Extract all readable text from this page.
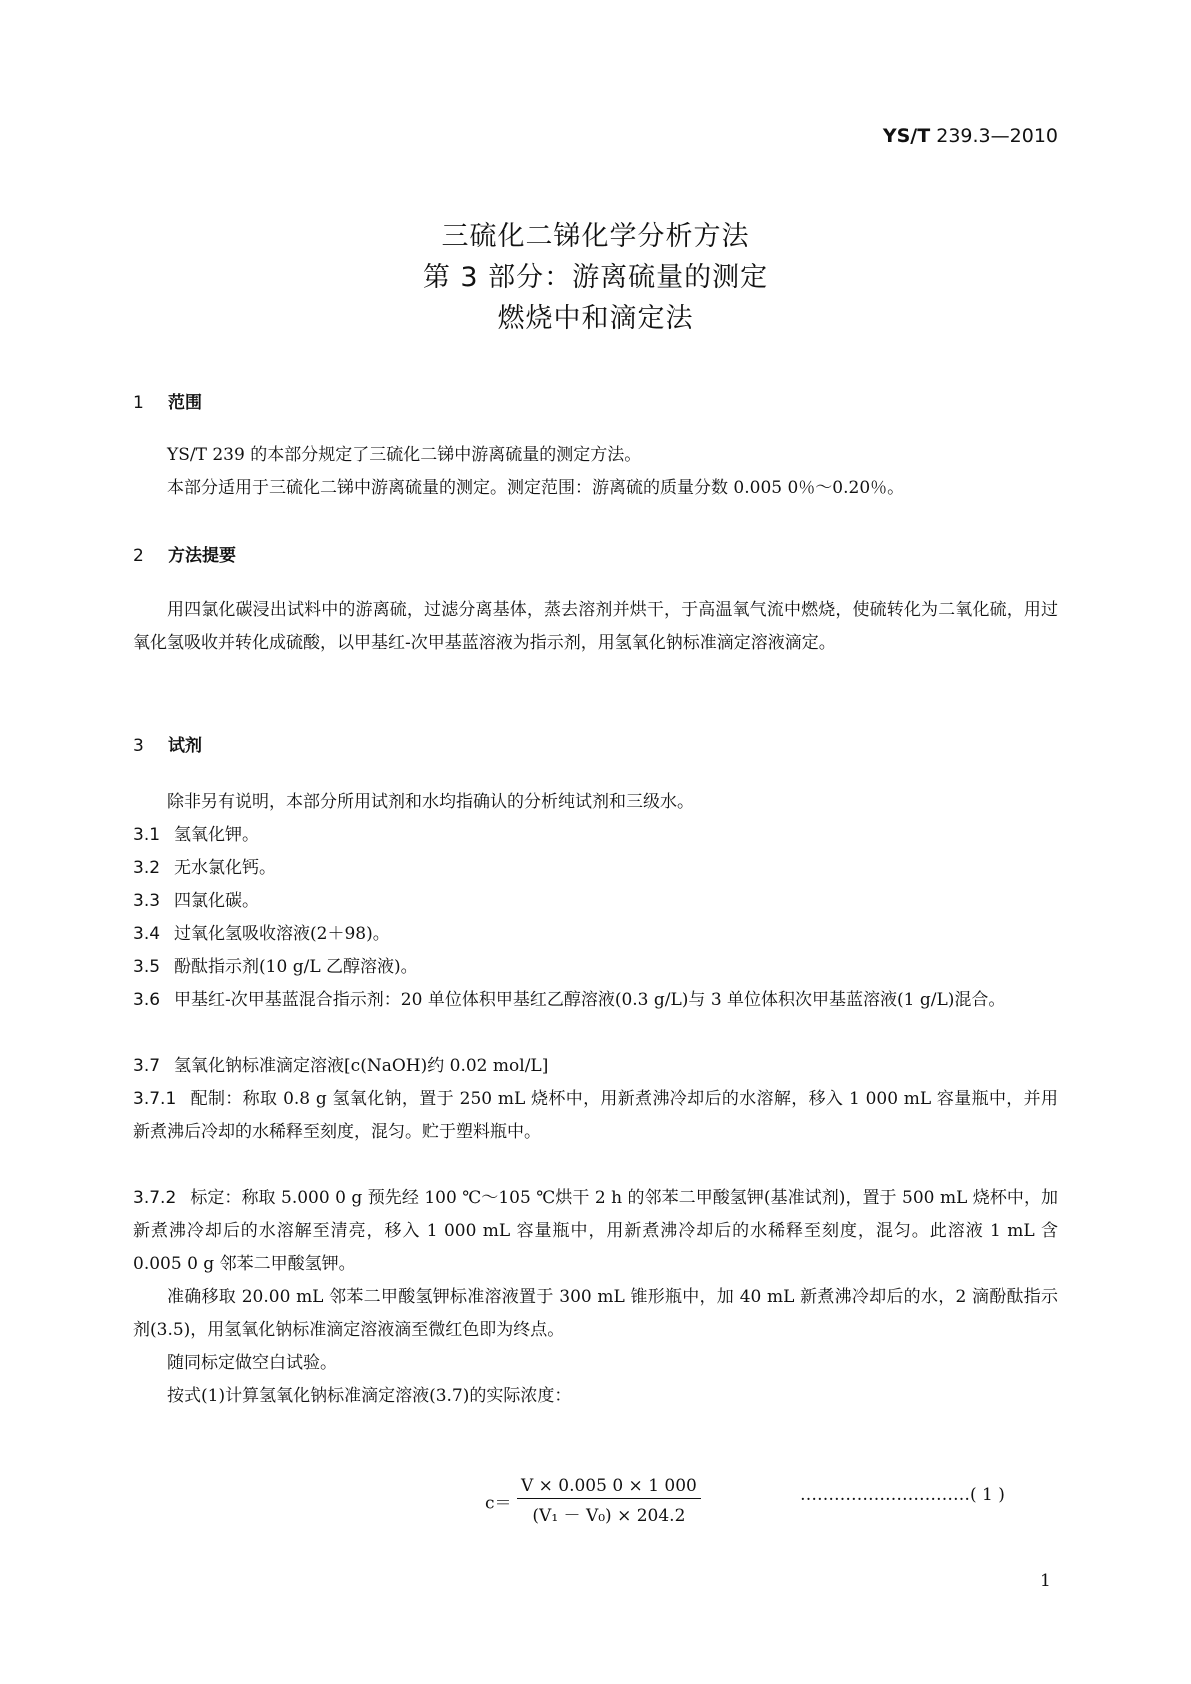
YS/T 239.3—2010
三硫化二锑化学分析方法
第 3 部分：游离硫量的测定
燃烧中和滴定法
1 范围
YS/T 239 的本部分规定了三硫化二锑中游离硫量的测定方法。
本部分适用于三硫化二锑中游离硫量的测定。测定范围：游离硫的质量分数 0.005 0％～0.20％。
2 方法提要
用四氯化碳浸出试料中的游离硫，过滤分离基体，蒸去溶剂并烘干，于高温氧气流中燃烧，使硫转化为二氧化硫，用过氧化氢吸收并转化成硫酸，以甲基红-次甲基蓝溶液为指示剂，用氢氧化钠标准滴定溶液滴定。
3 试剂
除非另有说明，本部分所用试剂和水均指确认的分析纯试剂和三级水。
3.1 氢氧化钾。
3.2 无水氯化钙。
3.3 四氯化碳。
3.4 过氧化氢吸收溶液(2＋98)。
3.5 酚酞指示剂(10 g/L 乙醇溶液)。
3.6 甲基红-次甲基蓝混合指示剂：20 单位体积甲基红乙醇溶液(0.3 g/L)与 3 单位体积次甲基蓝溶液(1 g/L)混合。
3.7 氢氧化钠标准滴定溶液[c(NaOH)约 0.02 mol/L]
3.7.1 配制：称取 0.8 g 氢氧化钠，置于 250 mL 烧杯中，用新煮沸冷却后的水溶解，移入 1 000 mL 容量瓶中，并用新煮沸后冷却的水稀释至刻度，混匀。贮于塑料瓶中。
3.7.2 标定：称取 5.000 0 g 预先经 100 ℃～105 ℃烘干 2 h 的邻苯二甲酸氢钾(基准试剂)，置于 500 mL 烧杯中，加新煮沸冷却后的水溶解至清亮，移入 1 000 mL 容量瓶中，用新煮沸冷却后的水稀释至刻度，混匀。此溶液 1 mL 含 0.005 0 g 邻苯二甲酸氢钾。
准确移取 20.00 mL 邻苯二甲酸氢钾标准溶液置于 300 mL 锥形瓶中，加 40 mL 新煮沸冷却后的水，2 滴酚酞指示剂(3.5)，用氢氧化钠标准滴定溶液滴至微红色即为终点。
随同标定做空白试验。
按式(1)计算氢氧化钠标准滴定溶液(3.7)的实际浓度：
$c= \frac{V \times 0.005 0 \times 1 000}{\text{(V₁ － V₀) × 204.2}}$	…………………………( 1 )
1
